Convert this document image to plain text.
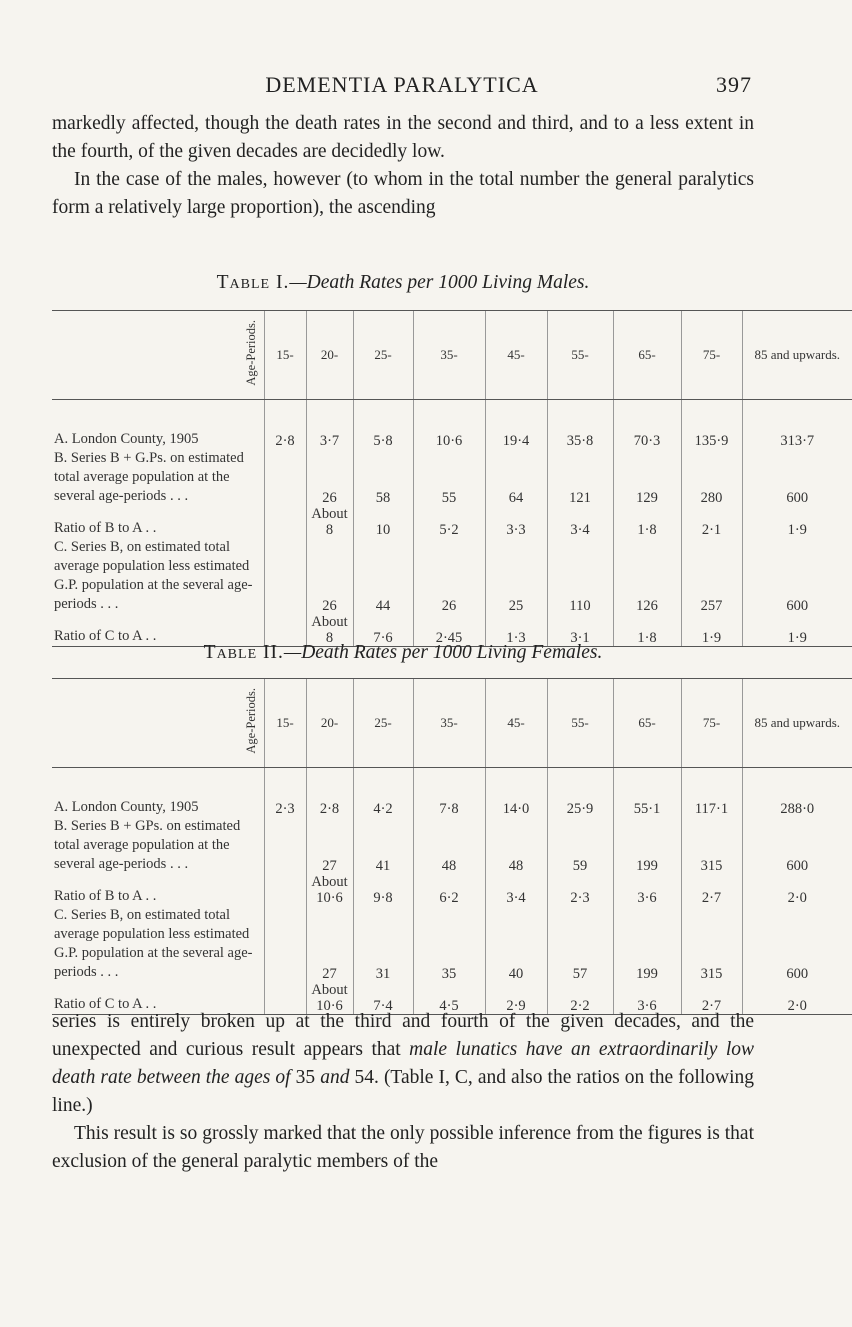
DEMENTIA PARALYTICA	397

markedly affected, though the death rates in the second and third, and to a less extent in the fourth, of the given decades are decidedly low.

In the case of the males, however (to whom in the total number the general paralytics form a relatively large proportion), the ascending

Table I.—Death Rates per 1000 Living Males.
Age-Periods.	15-	20-	25-	35-	45-	55-	65-	75-	85 and upwards.
A. London County, 1905	2·8	3·7	5·8	10·6	19·4	35·8	70·3	135·9	313·7
B. Series B + G.Ps. on estimated total average population at the several age-periods . . .		26	58	55	64	121	129	280	600
Ratio of B to A . .		About 8	10	5·2	3·3	3·4	1·8	2·1	1·9
C. Series B, on estimated total average population less estimated G.P. population at the several age-periods . . .		26	44	26	25	110	126	257	600
Ratio of C to A . .		About 8	7·6	2·45	1·3	3·1	1·8	1·9	1·9
Table II.—Death Rates per 1000 Living Females.
Age-Periods.	15-	20-	25-	35-	45-	55-	65-	75-	85 and upwards.
A. London County, 1905	2·3	2·8	4·2	7·8	14·0	25·9	55·1	117·1	288·0
B. Series B + GPs. on estimated total average population at the several age-periods . . .		27	41	48	48	59	199	315	600
Ratio of B to A . .		About 10·6	9·8	6·2	3·4	2·3	3·6	2·7	2·0
C. Series B, on estimated total average population less estimated G.P. population at the several age-periods . . .		27	31	35	40	57	199	315	600
Ratio of C to A . .		About 10·6	7·4	4·5	2·9	2·2	3·6	2·7	2·0

series is entirely broken up at the third and fourth of the given decades, and the unexpected and curious result appears that male lunatics have an extraordinarily low death rate between the ages of 35 and 54. (Table I, C, and also the ratios on the following line.)

This result is so grossly marked that the only possible inference from the figures is that exclusion of the general paralytic members of the
